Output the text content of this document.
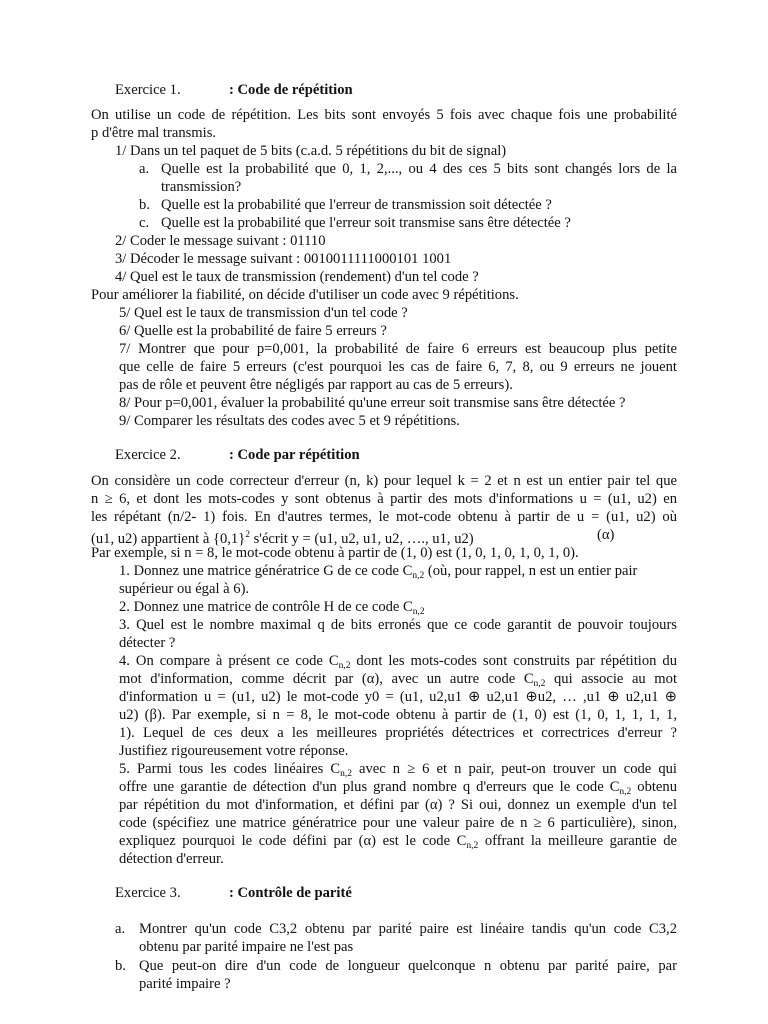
Exercice 1.	: Code de répétition
On utilise un code de répétition. Les bits sont envoyés 5 fois avec chaque fois une probabilité
p d'être mal transmis.
1/ Dans un tel paquet de 5 bits (c.a.d. 5 répétitions du bit de signal)
a. Quelle est la probabilité que 0, 1, 2,..., ou 4 des ces 5 bits sont changés lors de la
transmission?
b. Quelle est la probabilité que l'erreur de transmission soit détectée ?
c. Quelle est la probabilité que l'erreur soit transmise sans être détectée ?
2/ Coder le message suivant : 01110
3/ Décoder le message suivant : 0010011111000101 1001
4/ Quel est le taux de transmission (rendement) d'un tel code ?
Pour améliorer la fiabilité, on décide d'utiliser un code avec 9 répétitions.
5/ Quel est le taux de transmission d'un tel code ?
6/ Quelle est la probabilité de faire 5 erreurs ?
7/ Montrer que pour p=0,001, la probabilité de faire 6 erreurs est beaucoup plus petite
que celle de faire 5 erreurs (c'est pourquoi les cas de faire 6, 7, 8, ou 9 erreurs ne jouent
pas de rôle et peuvent être négligés par rapport au cas de 5 erreurs).
8/ Pour p=0,001, évaluer la probabilité qu'une erreur soit transmise sans être détectée ?
9/ Comparer les résultats des codes avec 5 et 9 répétitions.
Exercice 2.	: Code par répétition
On considère un code correcteur d'erreur (n, k) pour lequel k = 2 et n est un entier pair tel que
n ≥ 6, et dont les mots-codes y sont obtenus à partir des mots d'informations u = (u1, u2) en
les répétant (n/2- 1) fois. En d'autres termes, le mot-code obtenu à partir de u = (u1, u2) où
(u1, u2) appartient à $\{0,1\}^2$ s'écrit y = (u1, u2, u1, u2, …., u1, u2)	(α)
Par exemple, si n = 8, le mot-code obtenu à partir de (1, 0) est (1, 0, 1, 0, 1, 0, 1, 0).
1. Donnez une matrice génératrice G de ce code $C_{n,2}$ (où, pour rappel, n est un entier pair
supérieur ou égal à 6).
2. Donnez une matrice de contrôle H de ce code $C_{n,2}$
3. Quel est le nombre maximal q de bits erronés que ce code garantit de pouvoir toujours
détecter ?
4. On compare à présent ce code $C_{n,2}$ dont les mots-codes sont construits par répétition du
mot d'information, comme décrit par (α), avec un autre code $C_{n,2}$ qui associe au mot
d'information u = (u1, u2) le mot-code y0 = (u1, u2,u1 ⊕ u2,u1 ⊕u2, … ,u1 ⊕ u2,u1 ⊕
u2) (β). Par exemple, si n = 8, le mot-code obtenu à partir de (1, 0) est (1, 0, 1, 1, 1, 1,
1). Lequel de ces deux a les meilleures propriétés détectrices et correctrices d'erreur ?
Justifiez rigoureusement votre réponse.
5. Parmi tous les codes linéaires $C_{n,2}$ avec n ≥ 6 et n pair, peut-on trouver un code qui
offre une garantie de détection d'un plus grand nombre q d'erreurs que le code $C_{n,2}$ obtenu
par répétition du mot d'information, et défini par (α) ? Si oui, donnez un exemple d'un tel
code (spécifiez une matrice génératrice pour une valeur paire de n ≥ 6 particulière), sinon,
expliquez pourquoi le code défini par (α) est le code $C_{n,2}$ offrant la meilleure garantie de
détection d'erreur.
Exercice 3.	: Contrôle de parité
a. Montrer qu'un code C3,2 obtenu par parité paire est linéaire tandis qu'un code C3,2
obtenu par parité impaire ne l'est pas
b. Que peut-on dire d'un code de longueur quelconque n obtenu par parité paire, par
parité impaire ?
